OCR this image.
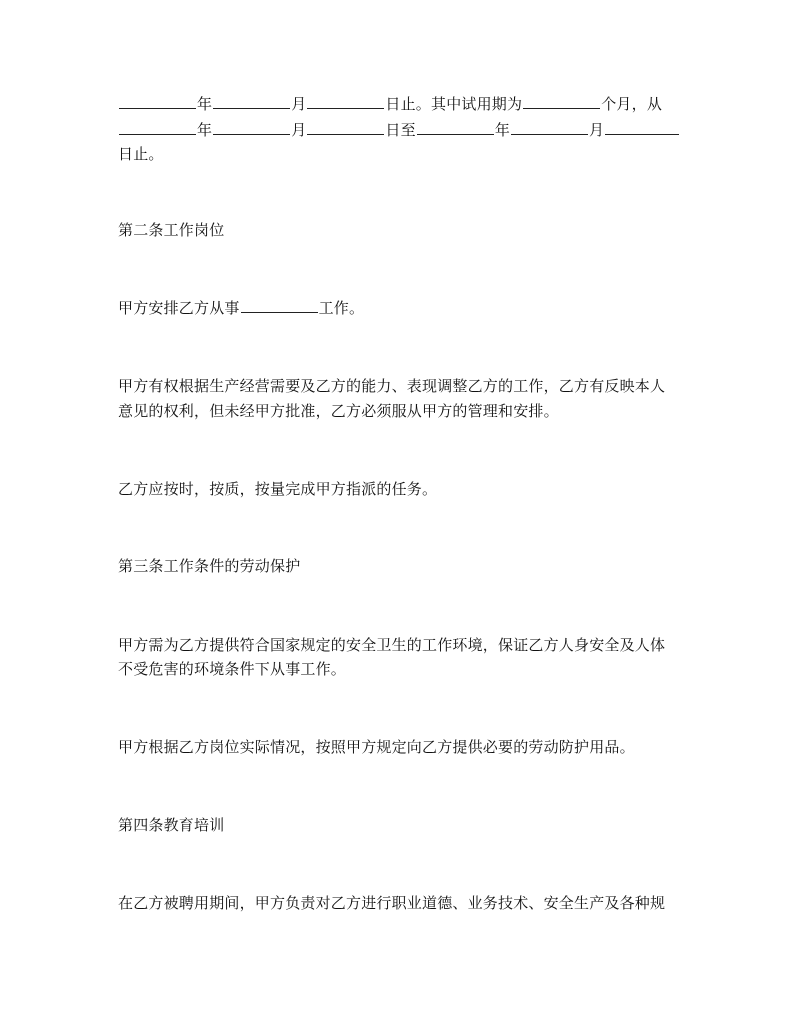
年	月	日止。其中试用期为	个月，从
年	月	日至	年	月
日止。
第二条工作岗位
甲方安排乙方从事	工作。
甲方有权根据生产经营需要及乙方的能力、表现调整乙方的工作，乙方有反映本人
意见的权利，但未经甲方批准，乙方必须服从甲方的管理和安排。
乙方应按时，按质，按量完成甲方指派的任务。
第三条工作条件的劳动保护
甲方需为乙方提供符合国家规定的安全卫生的工作环境，保证乙方人身安全及人体
不受危害的环境条件下从事工作。
甲方根据乙方岗位实际情况，按照甲方规定向乙方提供必要的劳动防护用品。
第四条教育培训
在乙方被聘用期间，甲方负责对乙方进行职业道德、业务技术、安全生产及各种规
